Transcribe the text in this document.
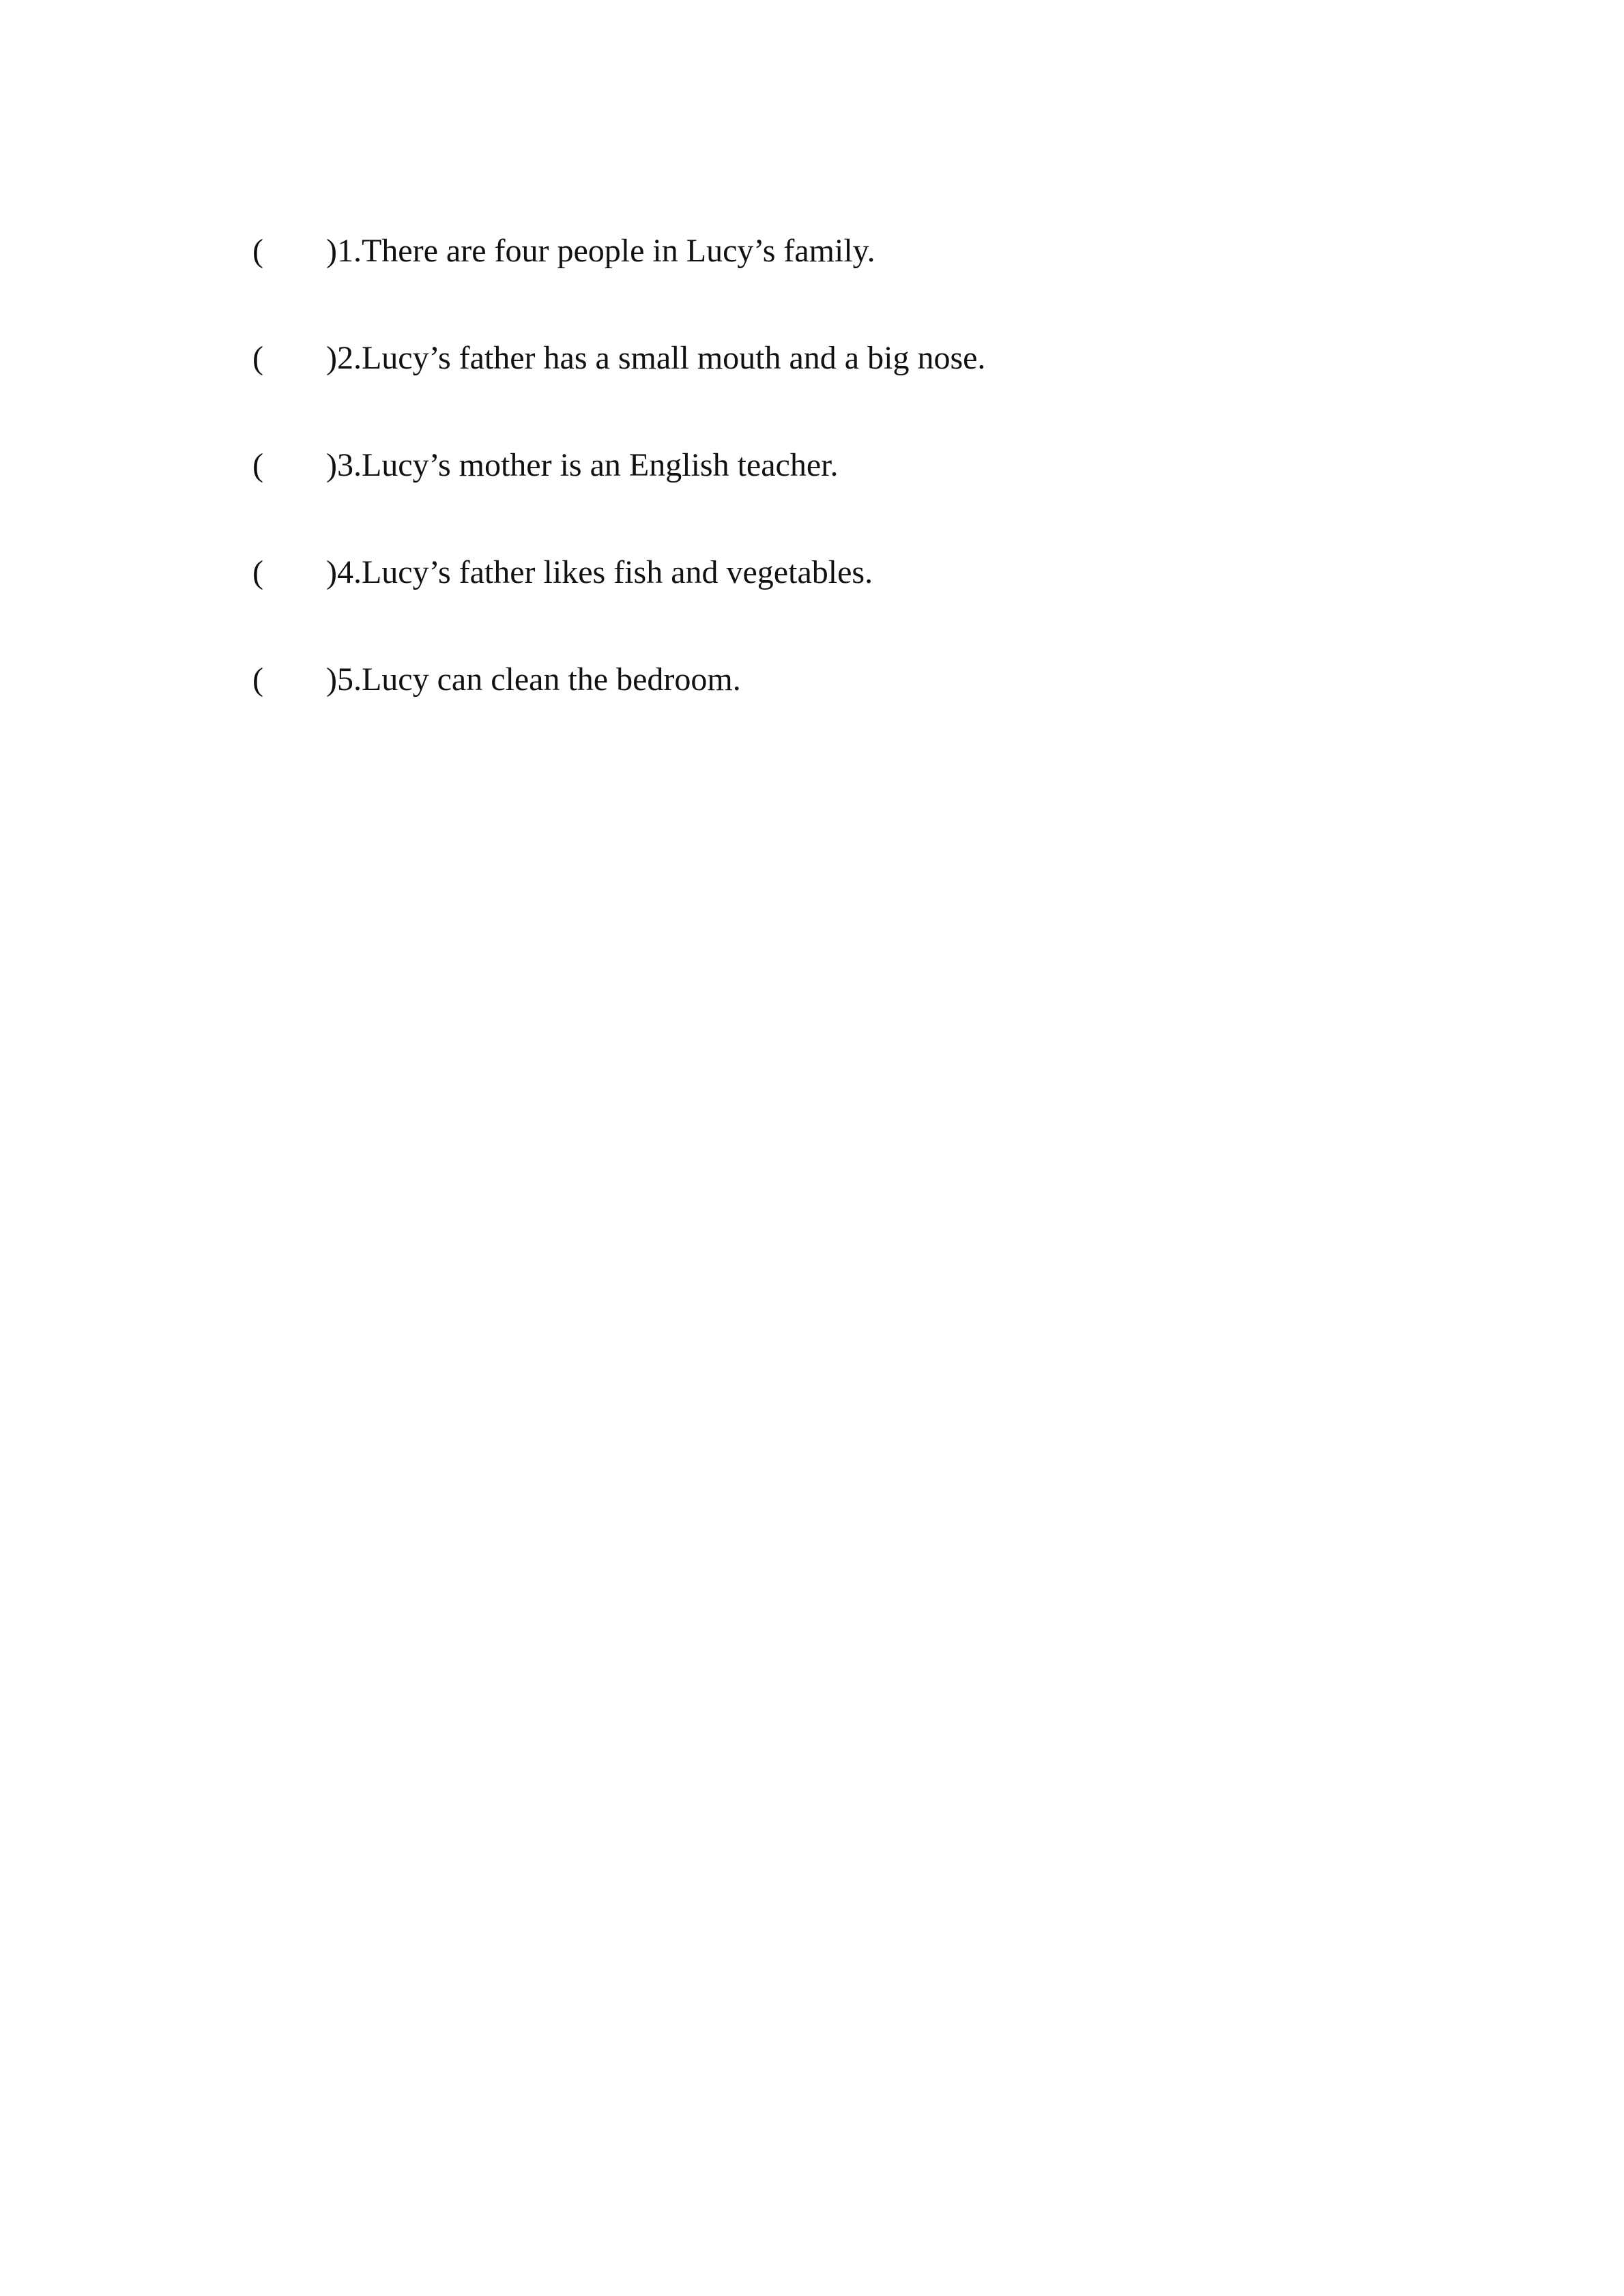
(	) 1. There are four people in Lucy’s family.
(	) 2. Lucy’s father has a small mouth and a big nose.
(	) 3. Lucy’s mother is an English teacher.
(	) 4. Lucy’s father likes fish and vegetables.
(	) 5. Lucy can clean the bedroom.
